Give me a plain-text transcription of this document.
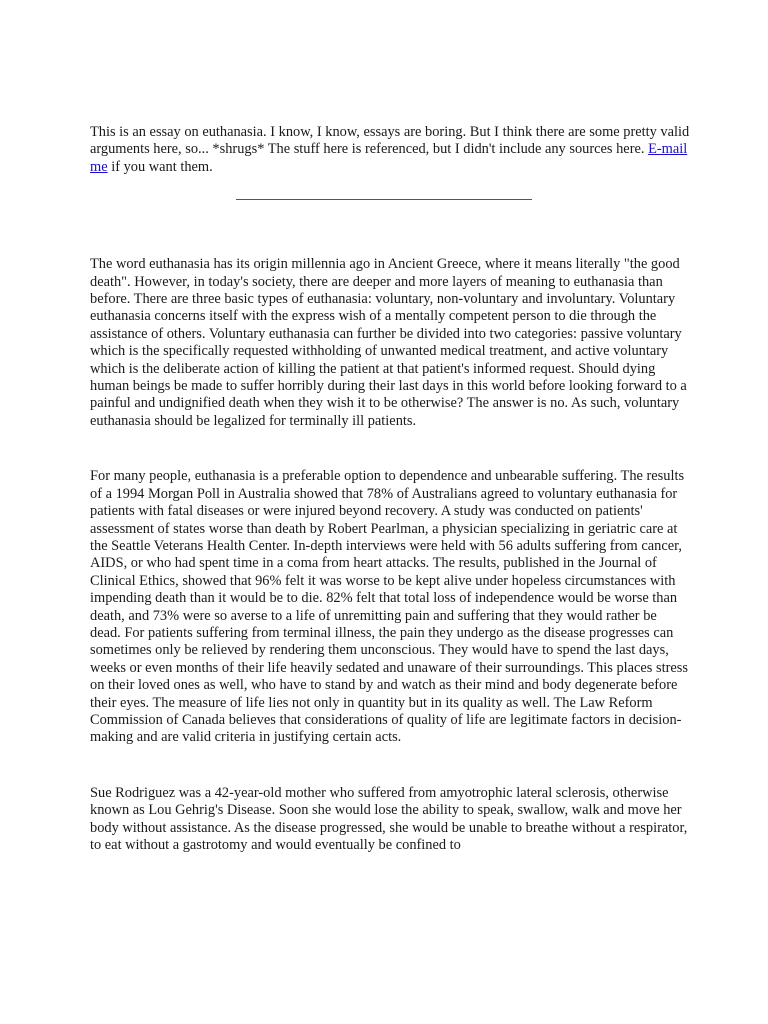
This is an essay on euthanasia. I know, I know, essays are boring. But I think there are some pretty valid arguments here, so... *shrugs* The stuff here is referenced, but I didn't include any sources here. E-mail me if you want them.

The word euthanasia has its origin millennia ago in Ancient Greece, where it means literally "the good death". However, in today's society, there are deeper and more layers of meaning to euthanasia than before. There are three basic types of euthanasia: voluntary, non-voluntary and involuntary. Voluntary euthanasia concerns itself with the express wish of a mentally competent person to die through the assistance of others. Voluntary euthanasia can further be divided into two categories: passive voluntary which is the specifically requested withholding of unwanted medical treatment, and active voluntary which is the deliberate action of killing the patient at that patient's informed request. Should dying human beings be made to suffer horribly during their last days in this world before looking forward to a painful and undignified death when they wish it to be otherwise? The answer is no. As such, voluntary euthanasia should be legalized for terminally ill patients.

For many people, euthanasia is a preferable option to dependence and unbearable suffering. The results of a 1994 Morgan Poll in Australia showed that 78% of Australians agreed to voluntary euthanasia for patients with fatal diseases or were injured beyond recovery. A study was conducted on patients' assessment of states worse than death by Robert Pearlman, a physician specializing in geriatric care at the Seattle Veterans Health Center. In-depth interviews were held with 56 adults suffering from cancer, AIDS, or who had spent time in a coma from heart attacks. The results, published in the Journal of Clinical Ethics, showed that 96% felt it was worse to be kept alive under hopeless circumstances with impending death than it would be to die. 82% felt that total loss of independence would be worse than death, and 73% were so averse to a life of unremitting pain and suffering that they would rather be dead. For patients suffering from terminal illness, the pain they undergo as the disease progresses can sometimes only be relieved by rendering them unconscious. They would have to spend the last days, weeks or even months of their life heavily sedated and unaware of their surroundings. This places stress on their loved ones as well, who have to stand by and watch as their mind and body degenerate before their eyes. The measure of life lies not only in quantity but in its quality as well. The Law Reform Commission of Canada believes that considerations of quality of life are legitimate factors in decision-making and are valid criteria in justifying certain acts.

Sue Rodriguez was a 42-year-old mother who suffered from amyotrophic lateral sclerosis, otherwise known as Lou Gehrig's Disease. Soon she would lose the ability to speak, swallow, walk and move her body without assistance. As the disease progressed, she would be unable to breathe without a respirator, to eat without a gastrotomy and would eventually be confined to
